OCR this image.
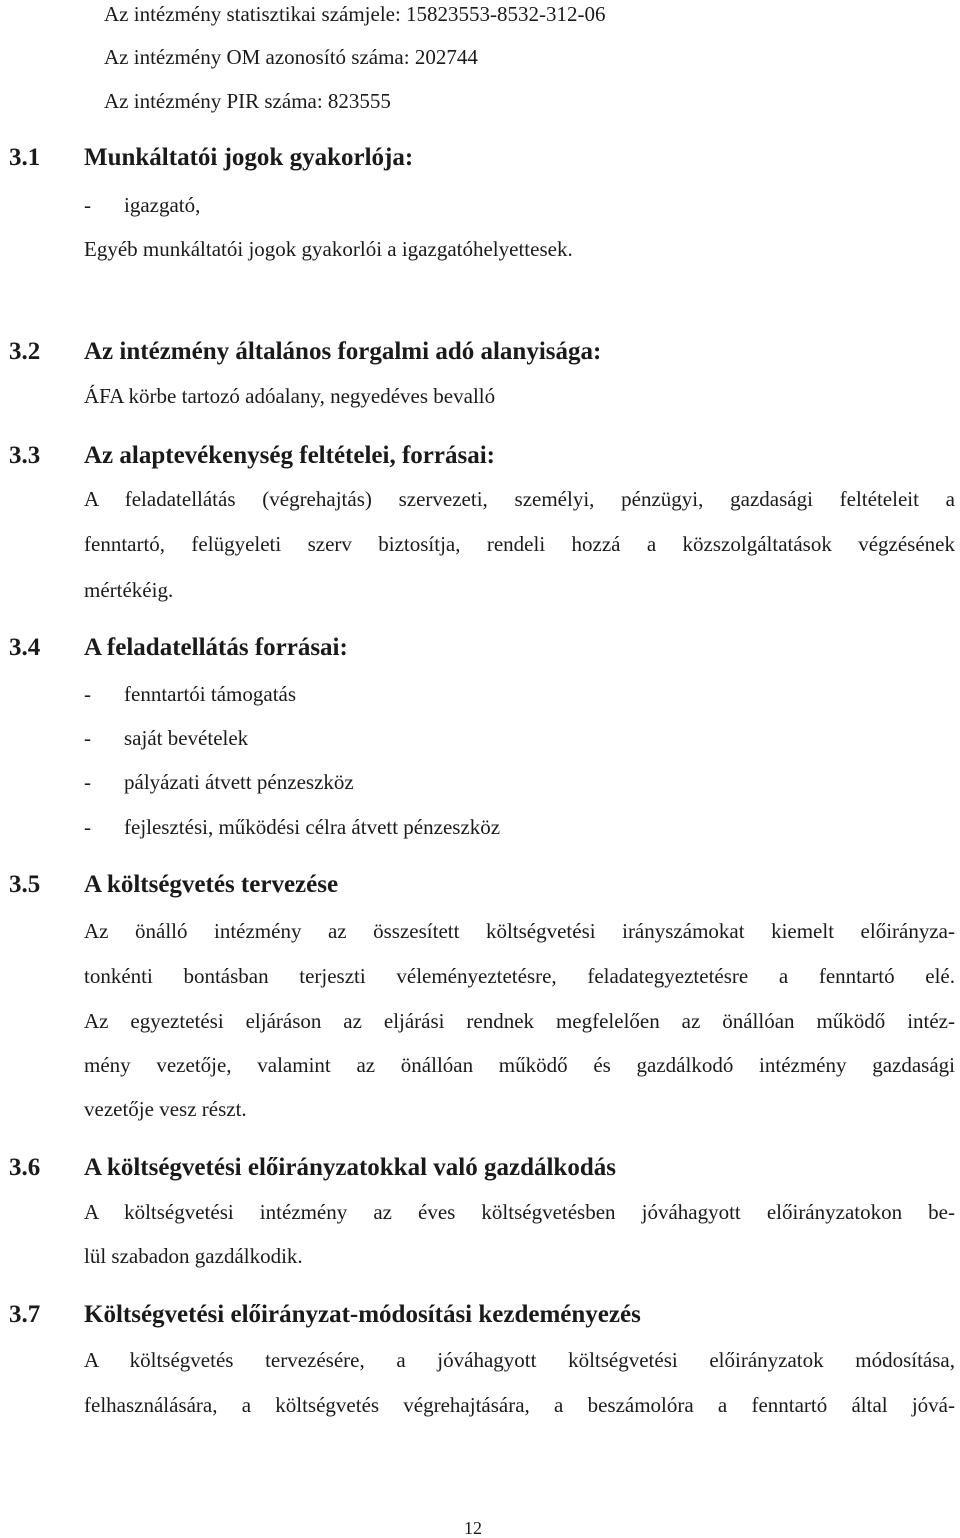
Az intézmény statisztikai számjele: 15823553-8532-312-06
Az intézmény OM azonosító száma: 202744
Az intézmény PIR száma: 823555
3.1 Munkáltatói jogok gyakorlója:
- igazgató,
Egyéb munkáltatói jogok gyakorlói a igazgatóhelyettesek.
3.2 Az intézmény általános forgalmi adó alanyisága:
ÁFA körbe tartozó adóalany, negyedéves bevalló
3.3 Az alaptevékenység feltételei, forrásai:
A feladatellátás (végrehajtás) szervezeti, személyi, pénzügyi, gazdasági feltételeit a
fenntartó, felügyeleti szerv biztosítja, rendeli hozzá a közszolgáltatások végzésének
mértékéig.
3.4 A feladatellátás forrásai:
- fenntartói támogatás
- saját bevételek
- pályázati átvett pénzeszköz
- fejlesztési, működési célra átvett pénzeszköz
3.5 A költségvetés tervezése
Az önálló intézmény az összesített költségvetési irányszámokat kiemelt előirányza-
tonkénti bontásban terjeszti véleményeztetésre, feladategyeztetésre a fenntartó elé.
Az egyeztetési eljáráson az eljárási rendnek megfelelően az önállóan működő intéz-
mény vezetője, valamint az önállóan működő és gazdálkodó intézmény gazdasági
vezetője vesz részt.
3.6 A költségvetési előirányzatokkal való gazdálkodás
A költségvetési intézmény az éves költségvetésben jóváhagyott előirányzatokon be-
lül szabadon gazdálkodik.
3.7 Költségvetési előirányzat-módosítási kezdeményezés
A költségvetés tervezésére, a jóváhagyott költségvetési előirányzatok módosítása,
felhasználására, a költségvetés végrehajtására, a beszámolóra a fenntartó által jóvá-
12
